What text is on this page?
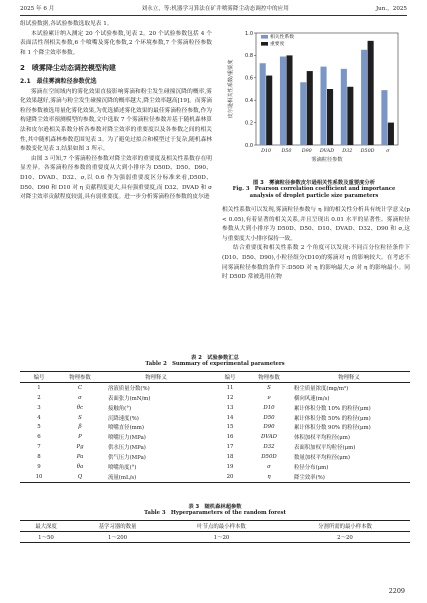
2025 年 6 月	刘永立，等:机器学习算法在矿井喷雾降尘动态调控中的应用	Jun.，2025

组试验数据,各试验参数选取见表 1。

本试验累计纳入测定 20 个试验参数,见表 2。20 个试验参数包括 4 个表面活性剂相关参数,6 个喷嘴及雾化参数,2 个环境参数,7 个雾滴粒径参数和 1 个降尘效率参数。

2　喷雾降尘动态调控模型构建
2.1　最佳雾滴粒径参数优选

雾滴在空间域内的雾化效果直接影响雾滴和粉尘发生碰撞沉降的概率,雾化效果越好,雾滴与粉尘发生碰撞沉降的概率越大,降尘效率越高[19]。而雾滴粒径参数被选用量化雾化效果,为优选描述雾化效果的最佳雾滴粒径参数,作为构建降尘效率预测模型的参数,文中选取 7 个雾滴粒径参数并基于随机森林算法和皮尔逊相关系数分析各参数对降尘效率的重要度以及各参数之间的相关性,其中随机森林参数范围见表 3。为了避免过拟合和模型过于复杂,随机森林参数变化见表 3,结果如图 3 所示。

由图 3 可知,7 个雾滴粒径参数对降尘效率的重要度及相关性系数存在明显差异。各雾滴粒径参数的重要度从大到小排序为 D50D、D50、D90、D10、DVAD、D32、σ,以 0.6 作为强弱重要度区分标准来看,D50D、D50、D90 和 D10 对 η 贡献程度更大,具有强重要度,而 D32、DVAD 和 σ 对降尘效率贡献程度较弱,具有弱重要度。进一步分析雾滴粒径参数的皮尔逊

0.0
0.2
0.4
0.6
0.8
1.0
D10 D50 D90 DVAD D32 D50D σ
雾滴粒径参数
皮尔逊相关性系数/重要度
相关性系数
重要度
图 3　雾滴粒径参数皮尔逊相关性系数及重要度分析
Fig. 3　Pearson correlation coefficient and importance
analysis of droplet particle size parameters

相关性系数可以发现,雾滴粒径参数与 η 间的相关性分析具有统计学意义(p < 0.05),有着显著的相关关系,并且呈现出 0.01 水平的显著性。雾滴粒径参数从大到小排序为 D50D、D50、D10、DVAD、D32、D90 和 σ,这与重要度大小排序保持一致。

结合重要度和相关性系数 2 个角度可以发现:不同百分位粒径条件下(D10、D50、D90),小粒径组分(D10)的雾滴对 η 的影响较大。在考虑不同雾滴粒径参数的条件下:D50D 对 η 的影响最大,σ 对 η 的影响最小。同时 D50D 常被选用在物

表 2　试验参数汇总
Table 2　Summary of experimental parameters
编号	物理参数	物理释义	编号	物理参数	物理释义
1	C	溶液质量分数(%)	11	S	粉尘质量浓度(mg/m³)
2	σ	表面张力(mN/m)	12	ν	横向风速(m/s)
3	θc	接触角(°)	13	D10	累计体积分数 10% 的粒径(μm)
4	S	沉降速度(%)	14	D50	累计体积分数 50% 的粒径(μm)
5	β	喷嘴直径(mm)	15	D90	累计体积分数 90% 的粒径(μm)
6	P	喷嘴压力(MPa)	16	DVAD	体积加权平均粒径(μm)
7	Pg	供水压力(MPa)	17	D32	表面积加权平均粒径(μm)
8	Pa	供气压力(MPa)	18	D50D	数量加权平均粒径(μm)
9	θa	喷嘴角度(°)	19	σ	粒径分布(μm)
10	Q	流量(mL/s)	20	η	降尘效率(%)
表 3　随机森林超参数
Table 3　Hyperparameters of the random forest
最大深度	基学习器的数量	叶节点的最小样本数	分割所需的最小样本数
1～50	1～200	1～20	2～20
2209
